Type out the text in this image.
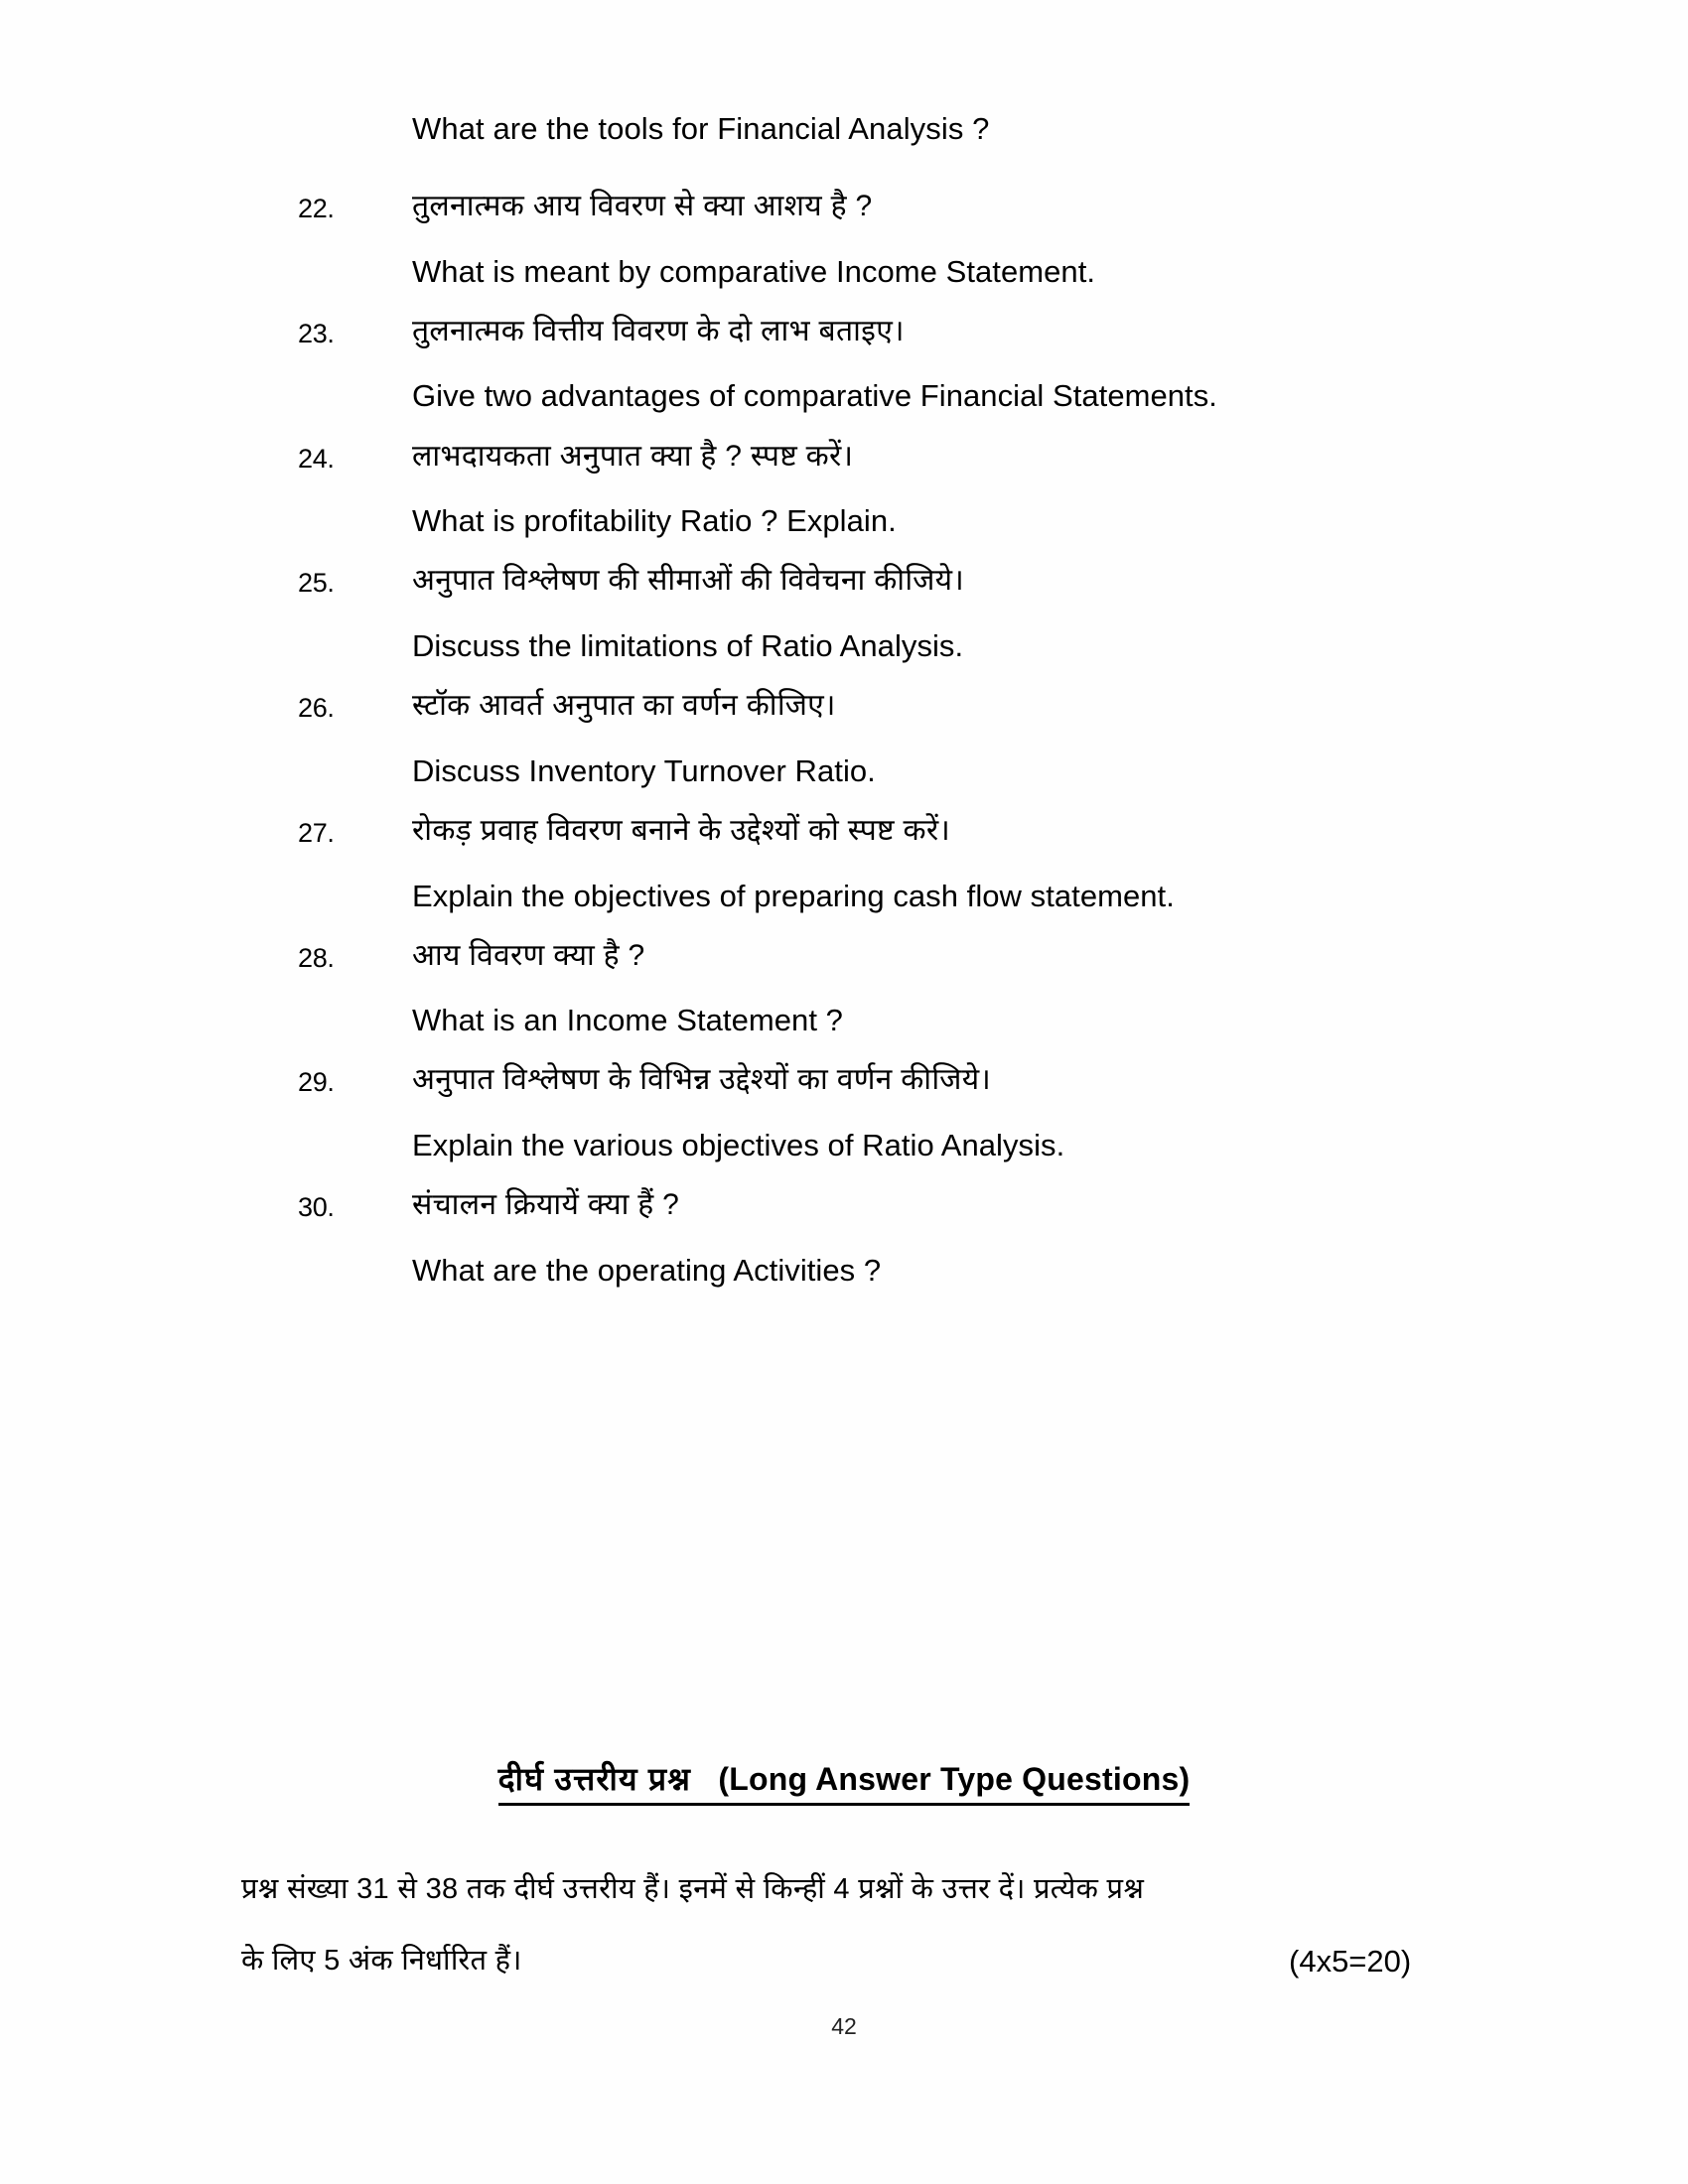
What are the tools for Financial Analysis ?
22.	तुलनात्मक आय विवरण से क्या आशय है ?
What is meant by comparative Income Statement.
23.	तुलनात्मक वित्तीय विवरण के दो लाभ बताइए।
Give two advantages of comparative Financial Statements.
24.	लाभदायकता अनुपात क्या है ? स्पष्ट करें।
What is profitability Ratio ? Explain.
25.	अनुपात विश्लेषण की सीमाओं की विवेचना कीजिये।
Discuss the limitations of Ratio Analysis.
26.	स्टॉक आवर्त अनुपात का वर्णन कीजिए।
Discuss Inventory Turnover Ratio.
27.	रोकड़ प्रवाह विवरण बनाने के उद्देश्यों को स्पष्ट करें।
Explain the objectives of preparing cash flow statement.
28.	आय विवरण क्या है ?
What is an Income Statement ?
29.	अनुपात विश्लेषण के विभिन्न उद्देश्यों का वर्णन कीजिये।
Explain the various objectives of Ratio Analysis.
30.	संचालन क्रियायें क्या हैं ?
What are the operating Activities ?
दीर्घ उत्तरीय प्रश्न (Long Answer Type Questions)
प्रश्न संख्या 31 से 38 तक दीर्घ उत्तरीय हैं। इनमें से किन्हीं 4 प्रश्नों के उत्तर दें। प्रत्येक प्रश्न
के लिए 5 अंक निर्धारित हैं।	(4x5=20)
42
